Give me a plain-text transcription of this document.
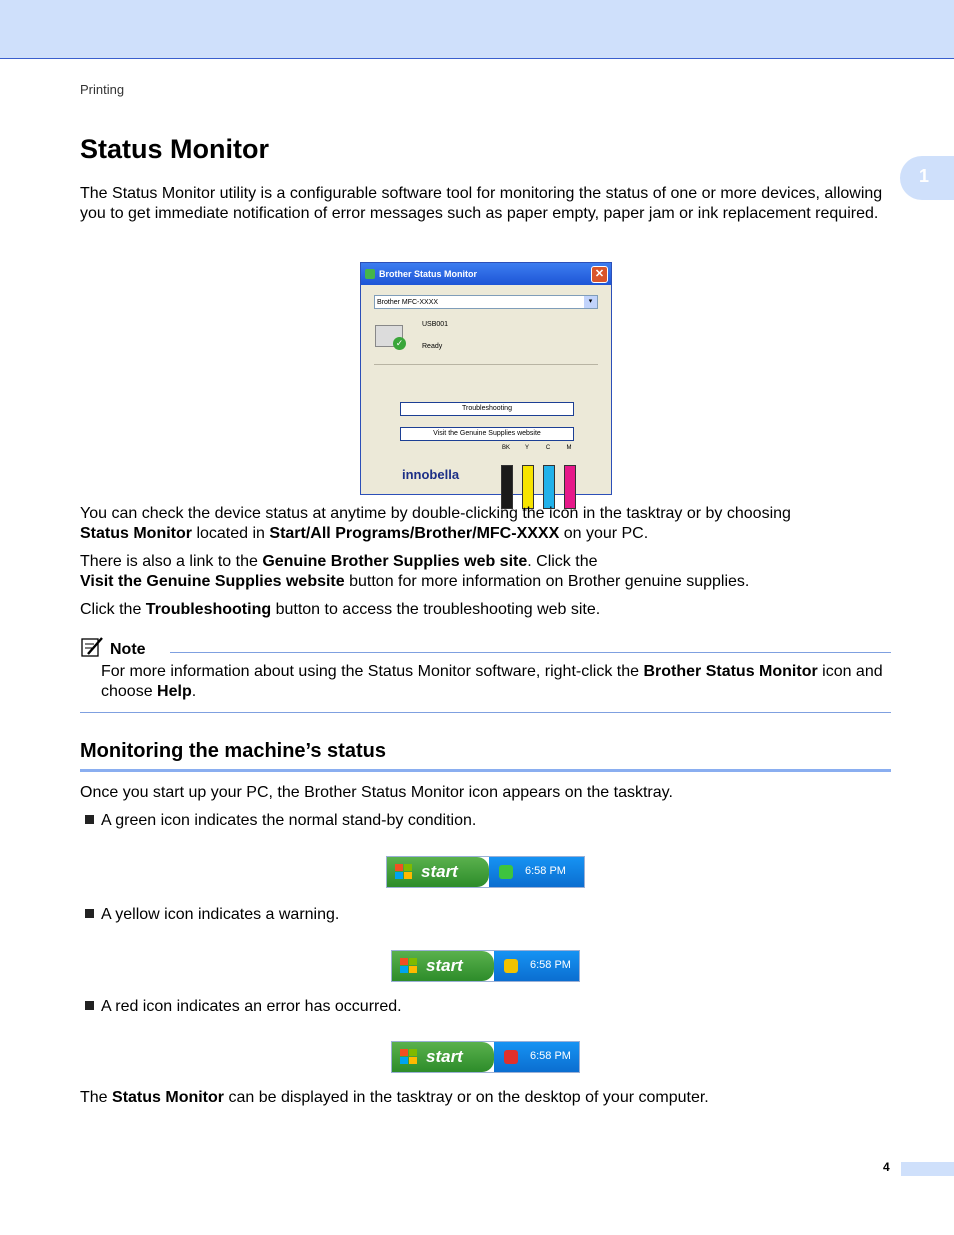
Printing
1
Status Monitor

The Status Monitor utility is a configurable software tool for monitoring the status of one or more devices, allowing you to get immediate notification of error messages such as paper empty, paper jam or ink replacement required.

Brother Status Monitor	✕
Brother MFC-XXXX	▾
✓
USB001
Ready
Troubleshooting
Visit the Genuine Supplies website
innobella
BK	Y	C	M

You can check the device status at anytime by double-clicking the icon in the tasktray or by choosing
Status Monitor located in Start/All Programs/Brother/MFC-XXXX on your PC.

There is also a link to the Genuine Brother Supplies web site. Click the
Visit the Genuine Supplies website button for more information on Brother genuine supplies.

Click the Troubleshooting button to access the troubleshooting web site.

Note

For more information about using the Status Monitor software, right-click the Brother Status Monitor icon and choose Help.

Monitoring the machine’s status

Once you start up your PC, the Brother Status Monitor icon appears on the tasktray.

A green icon indicates the normal stand-by condition.
start	6:58 PM
A yellow icon indicates a warning.
start	6:58 PM
A red icon indicates an error has occurred.
start	6:58 PM

The Status Monitor can be displayed in the tasktray or on the desktop of your computer.

4
